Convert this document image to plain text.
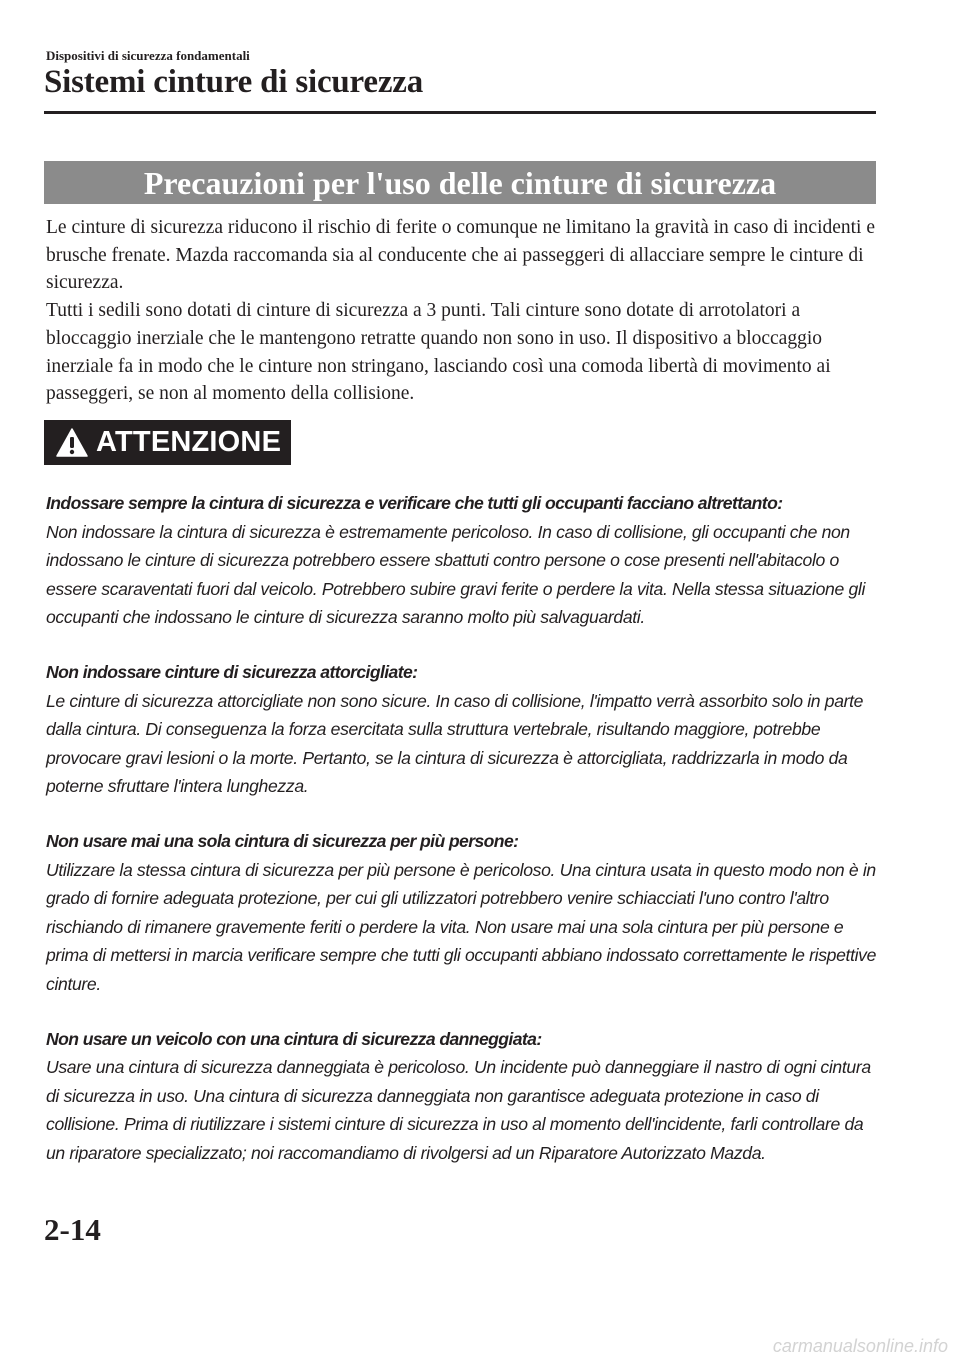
Dispositivi di sicurezza fondamentali

Sistemi cinture di sicurezza
Precauzioni per l'uso delle cinture di sicurezza

Le cinture di sicurezza riducono il rischio di ferite o comunque ne limitano la gravità in caso di incidenti e brusche frenate. Mazda raccomanda sia al conducente che ai passeggeri di allacciare sempre le cinture di sicurezza.

Tutti i sedili sono dotati di cinture di sicurezza a 3 punti. Tali cinture sono dotate di arrotolatori a bloccaggio inerziale che le mantengono retratte quando non sono in uso. Il dispositivo a bloccaggio inerziale fa in modo che le cinture non stringano, lasciando così una comoda libertà di movimento ai passeggeri, se non al momento della collisione.

ATTENZIONE

Indossare sempre la cintura di sicurezza e verificare che tutti gli occupanti facciano altrettanto:

Non indossare la cintura di sicurezza è estremamente pericoloso. In caso di collisione, gli occupanti che non indossano le cinture di sicurezza potrebbero essere sbattuti contro persone o cose presenti nell'abitacolo o essere scaraventati fuori dal veicolo. Potrebbero subire gravi ferite o perdere la vita. Nella stessa situazione gli occupanti che indossano le cinture di sicurezza saranno molto più salvaguardati.

Non indossare cinture di sicurezza attorcigliate:

Le cinture di sicurezza attorcigliate non sono sicure. In caso di collisione, l'impatto verrà assorbito solo in parte dalla cintura. Di conseguenza la forza esercitata sulla struttura vertebrale, risultando maggiore, potrebbe provocare gravi lesioni o la morte. Pertanto, se la cintura di sicurezza è attorcigliata, raddrizzarla in modo da poterne sfruttare l'intera lunghezza.

Non usare mai una sola cintura di sicurezza per più persone:

Utilizzare la stessa cintura di sicurezza per più persone è pericoloso. Una cintura usata in questo modo non è in grado di fornire adeguata protezione, per cui gli utilizzatori potrebbero venire schiacciati l'uno contro l'altro rischiando di rimanere gravemente feriti o perdere la vita. Non usare mai una sola cintura per più persone e prima di mettersi in marcia verificare sempre che tutti gli occupanti abbiano indossato correttamente le rispettive cinture.

Non usare un veicolo con una cintura di sicurezza danneggiata:

Usare una cintura di sicurezza danneggiata è pericoloso. Un incidente può danneggiare il nastro di ogni cintura di sicurezza in uso. Una cintura di sicurezza danneggiata non garantisce adeguata protezione in caso di collisione. Prima di riutilizzare i sistemi cinture di sicurezza in uso al momento dell'incidente, farli controllare da un riparatore specializzato; noi raccomandiamo di rivolgersi ad un Riparatore Autorizzato Mazda.

2-14
carmanualsonline.info
